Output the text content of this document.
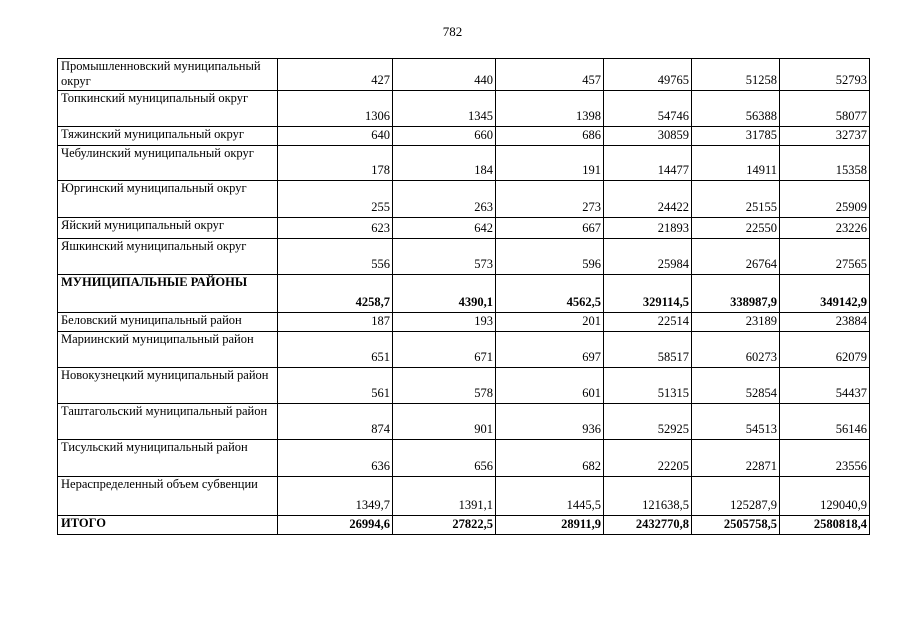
782
Промышленновский муниципальный округ	427	440	457	49765	51258	52793
Топкинский муниципальный округ	1306	1345	1398	54746	56388	58077
Тяжинский муниципальный округ	640	660	686	30859	31785	32737
Чебулинский муниципальный округ	178	184	191	14477	14911	15358
Юргинский муниципальный округ	255	263	273	24422	25155	25909
Яйский муниципальный округ	623	642	667	21893	22550	23226
Яшкинский муниципальный округ	556	573	596	25984	26764	27565
МУНИЦИПАЛЬНЫЕ РАЙОНЫ	4258,7	4390,1	4562,5	329114,5	338987,9	349142,9
Беловский муниципальный район	187	193	201	22514	23189	23884
Мариинский муниципальный район	651	671	697	58517	60273	62079
Новокузнецкий муниципальный район	561	578	601	51315	52854	54437
Таштагольский муниципальный район	874	901	936	52925	54513	56146
Тисульский муниципальный район	636	656	682	22205	22871	23556
Нераспределенный объем субвенции	1349,7	1391,1	1445,5	121638,5	125287,9	129040,9
ИТОГО	26994,6	27822,5	28911,9	2432770,8	2505758,5	2580818,4
